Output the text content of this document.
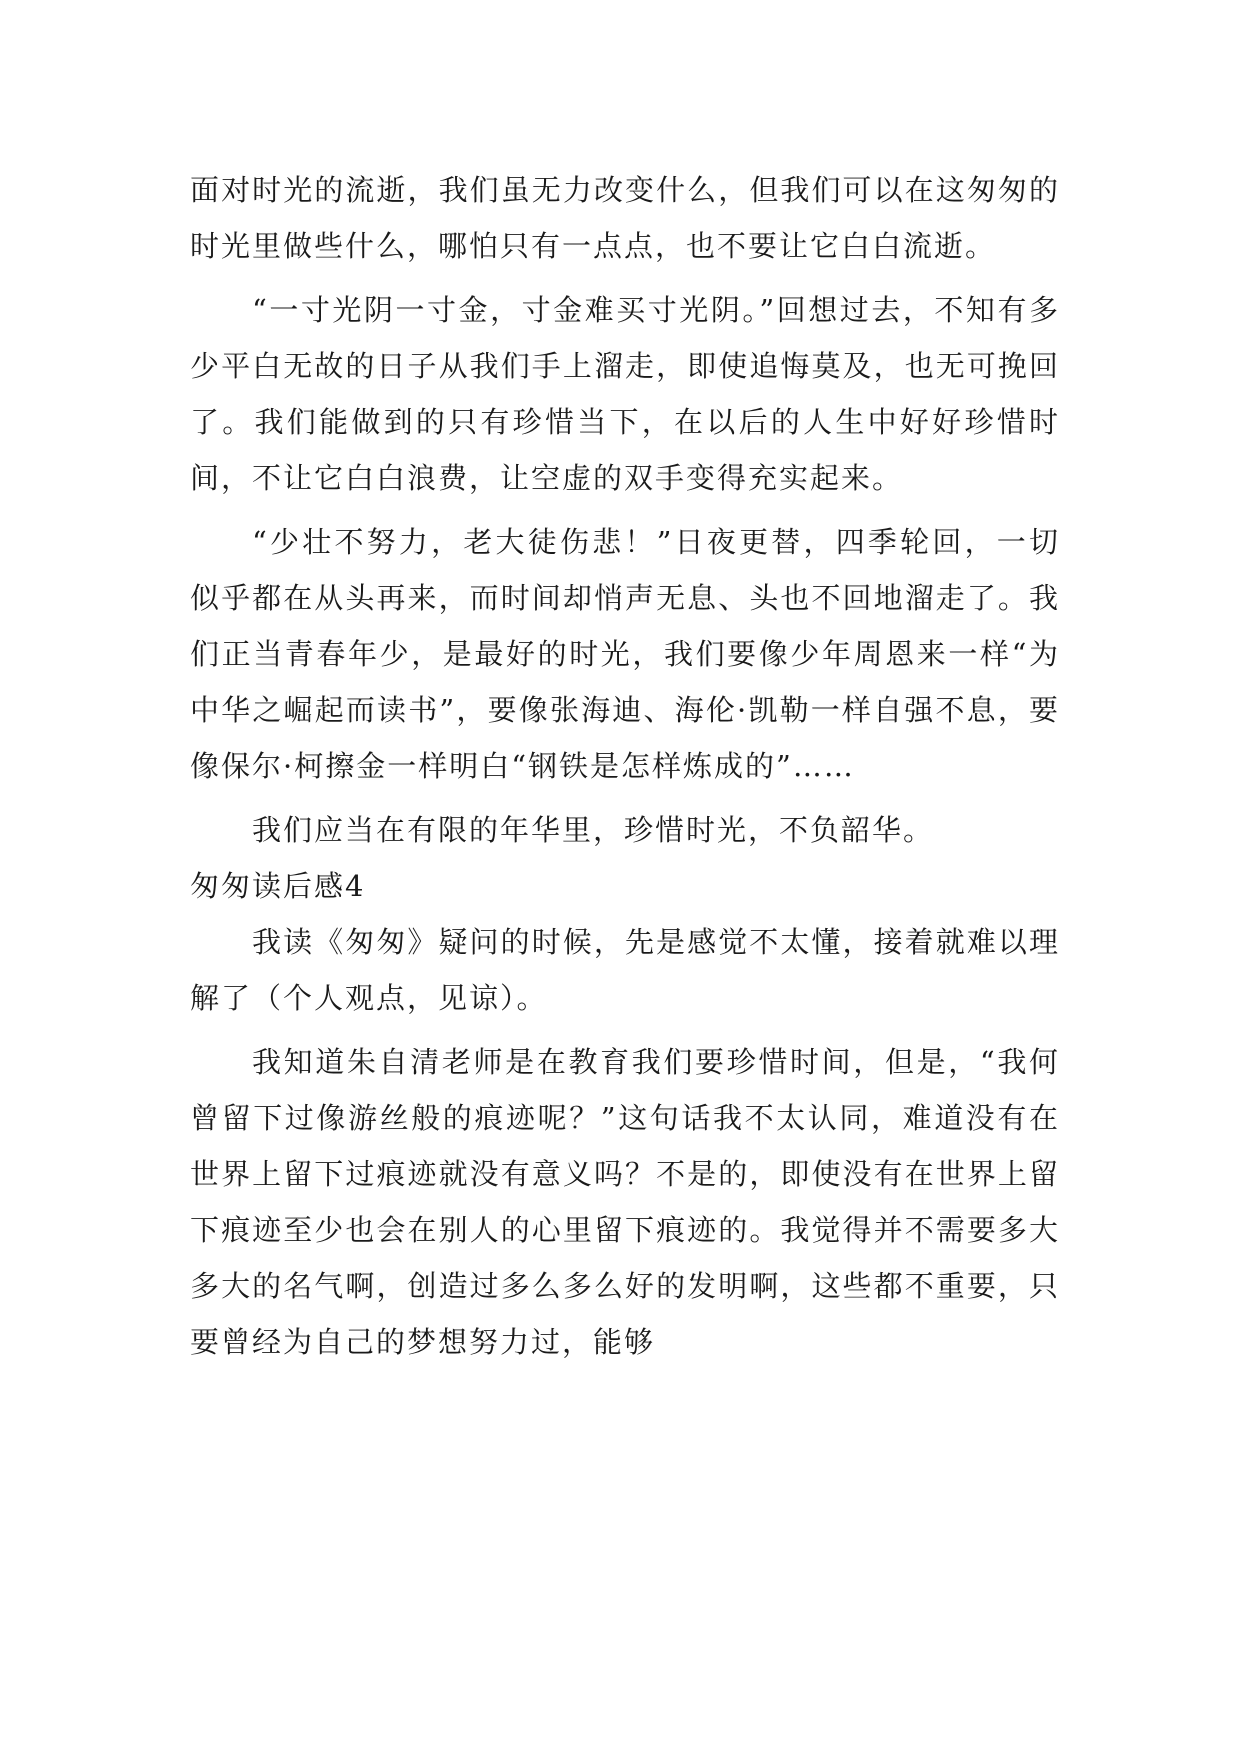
面对时光的流逝，我们虽无力改变什么，但我们可以在这匆匆的时光里做些什么，哪怕只有一点点，也不要让它白白流逝。

“一寸光阴一寸金，寸金难买寸光阴。”回想过去，不知有多少平白无故的日子从我们手上溜走，即使追悔莫及，也无可挽回了。我们能做到的只有珍惜当下，在以后的人生中好好珍惜时间，不让它白白浪费，让空虚的双手变得充实起来。

“少壮不努力，老大徒伤悲！”日夜更替，四季轮回，一切似乎都在从头再来，而时间却悄声无息、头也不回地溜走了。我们正当青春年少，是最好的时光，我们要像少年周恩来一样“为中华之崛起而读书”，要像张海迪、海伦·凯勒一样自强不息，要像保尔·柯擦金一样明白“钢铁是怎样炼成的”……

我们应当在有限的年华里，珍惜时光，不负韶华。

匆匆读后感4

我读《匆匆》疑问的时候，先是感觉不太懂，接着就难以理解了（个人观点，见谅）。

我知道朱自清老师是在教育我们要珍惜时间，但是，“我何曾留下过像游丝般的痕迹呢？”这句话我不太认同，难道没有在世界上留下过痕迹就没有意义吗？不是的，即使没有在世界上留下痕迹至少也会在别人的心里留下痕迹的。我觉得并不需要多大多大的名气啊，创造过多么多么好的发明啊，这些都不重要，只要曾经为自己的梦想努力过，能够
